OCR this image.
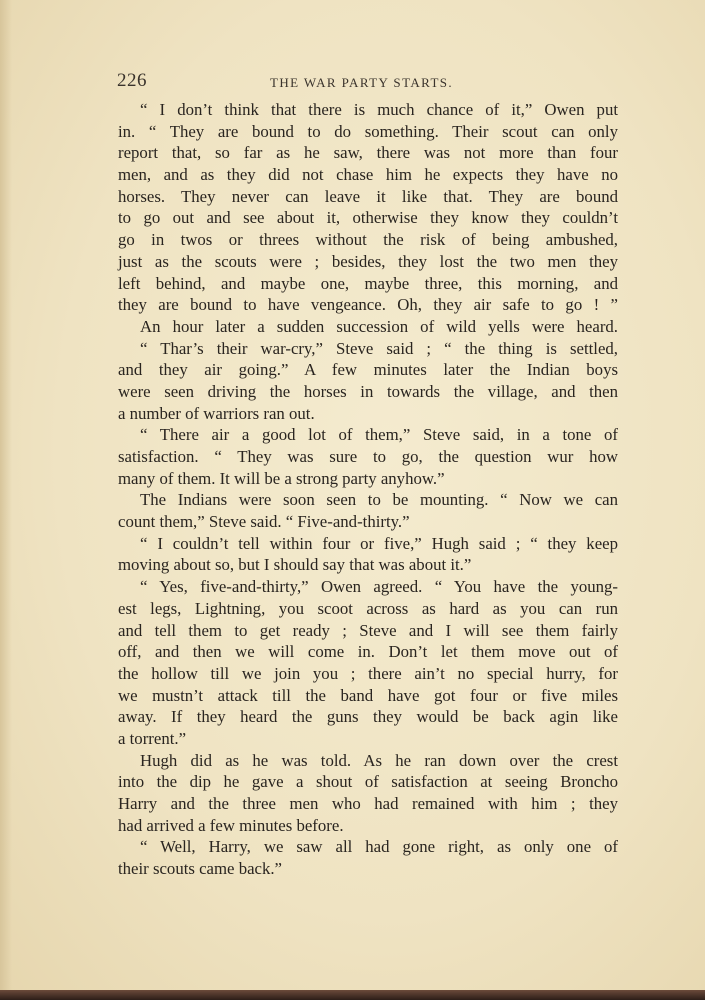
226	THE WAR PARTY STARTS.
“ I don’t think that there is much chance of it,” Owen put
in. “ They are bound to do something. Their scout can only
report that, so far as he saw, there was not more than four
men, and as they did not chase him he expects they have no
horses. They never can leave it like that. They are bound
to go out and see about it, otherwise they know they couldn’t
go in twos or threes without the risk of being ambushed,
just as the scouts were ; besides, they lost the two men they
left behind, and maybe one, maybe three, this morning, and
they are bound to have vengeance. Oh, they air safe to go ! ”
An hour later a sudden succession of wild yells were heard.
“ Thar’s their war-cry,” Steve said ; “ the thing is settled,
and they air going.” A few minutes later the Indian boys
were seen driving the horses in towards the village, and then
a number of warriors ran out.
“ There air a good lot of them,” Steve said, in a tone of
satisfaction. “ They was sure to go, the question wur how
many of them. It will be a strong party anyhow.”
The Indians were soon seen to be mounting. “ Now we can
count them,” Steve said. “ Five-and-thirty.”
“ I couldn’t tell within four or five,” Hugh said ; “ they keep
moving about so, but I should say that was about it.”
“ Yes, five-and-thirty,” Owen agreed. “ You have the young-
est legs, Lightning, you scoot across as hard as you can run
and tell them to get ready ; Steve and I will see them fairly
off, and then we will come in. Don’t let them move out of
the hollow till we join you ; there ain’t no special hurry, for
we mustn’t attack till the band have got four or five miles
away. If they heard the guns they would be back agin like
a torrent.”
Hugh did as he was told. As he ran down over the crest
into the dip he gave a shout of satisfaction at seeing Broncho
Harry and the three men who had remained with him ; they
had arrived a few minutes before.
“ Well, Harry, we saw all had gone right, as only one of
their scouts came back.”
